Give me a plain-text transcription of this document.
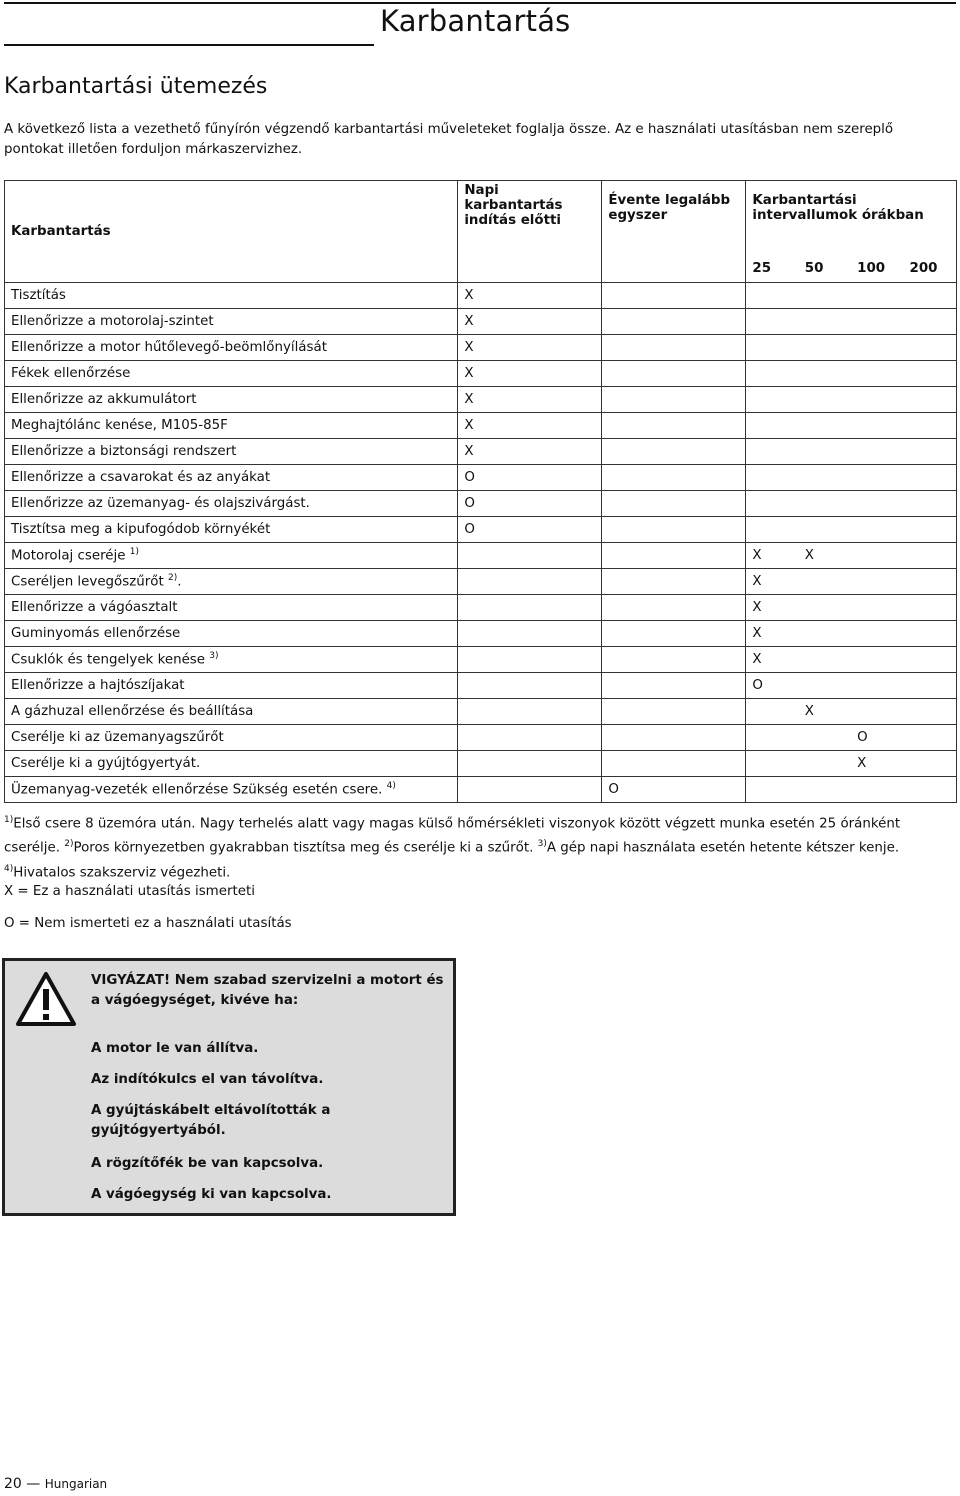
Karbantartás
Karbantartási ütemezés
A következő lista a vezethető fűnyírón végzendő karbantartási műveleteket foglalja össze. Az e használati utasításban nem szereplő pontokat illetően forduljon márkaszervizhez.
Karbantartás	Napi karbantartás indítás előtti	Évente legalább egyszer	Karbantartási intervallumok órákban			
			25	50	100	200
Tisztítás	X					
Ellenőrizze a motorolaj-szintet	X					
Ellenőrizze a motor hűtőlevegő-beömlőnyílását	X					
Fékek ellenőrzése	X					
Ellenőrizze az akkumulátort	X					
Meghajtólánc kenése, M105-85F	X					
Ellenőrizze a biztonsági rendszert	X					
Ellenőrizze a csavarokat és az anyákat	O					
Ellenőrizze az üzemanyag- és olajszivárgást.	O					
Tisztítsa meg a kipufogódob környékét	O					
Motorolaj cseréje $^{1)}$			X	X		
Cseréljen levegőszűrőt $^{2)}$.			X			
Ellenőrizze a vágóasztalt			X			
Guminyomás ellenőrzése			X			
Csuklók és tengelyek kenése $^{3)}$			X			
Ellenőrizze a hajtószíjakat			O			
A gázhuzal ellenőrzése és beállítása				X		
Cserélje ki az üzemanyagszűrőt					O	
Cserélje ki a gyújtógyertyát.					X	
Üzemanyag-vezeték ellenőrzése Szükség esetén csere. $^{4)}$		O				
$^{1)}$Első csere 8 üzemóra után. Nagy terhelés alatt vagy magas külső hőmérsékleti viszonyok között végzett munka esetén 25 óránként cserélje. $^{2)}$Poros környezetben gyakrabban tisztítsa meg és cserélje ki a szűrőt. $^{3)}$A gép napi használata esetén hetente kétszer kenje.
$^{4)}$Hivatalos szakszerviz végezheti.
X = Ez a használati utasítás ismerteti
O = Nem ismerteti ez a használati utasítás
VIGYÁZAT! Nem szabad szervizelni a motort és a vágóegységet, kivéve ha:
A motor le van állítva.
Az indítókulcs el van távolítva.
A gyújtáskábelt eltávolították a gyújtógyertyából.
A rögzítőfék be van kapcsolva.
A vágóegység ki van kapcsolva.
20 — Hungarian
